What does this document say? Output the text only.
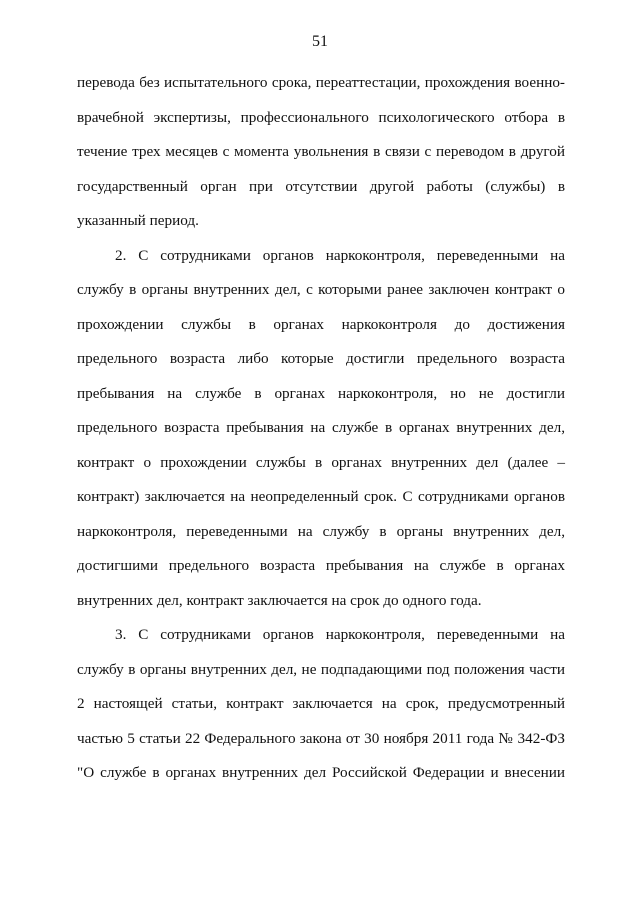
51

перевода без испытательного срока, переаттестации, прохождения военно-
врачебной экспертизы, профессионального психологического отбора в
течение трех месяцев с момента увольнения в связи с переводом в другой
государственный орган при отсутствии другой работы (службы) в
указанный период.

2. С сотрудниками органов наркоконтроля, переведенными на
службу в органы внутренних дел, с которыми ранее заключен контракт о
прохождении службы в органах наркоконтроля до достижения
предельного возраста либо которые достигли предельного возраста
пребывания на службе в органах наркоконтроля, но не достигли
предельного возраста пребывания на службе в органах внутренних дел,
контракт о прохождении службы в органах внутренних дел (далее –
контракт) заключается на неопределенный срок. С сотрудниками органов
наркоконтроля, переведенными на службу в органы внутренних дел,
достигшими предельного возраста пребывания на службе в органах
внутренних дел, контракт заключается на срок до одного года.

3. С сотрудниками органов наркоконтроля, переведенными на
службу в органы внутренних дел, не подпадающими под положения части
2 настоящей статьи, контракт заключается на срок, предусмотренный
частью 5 статьи 22 Федерального закона от 30 ноября 2011 года № 342-ФЗ
"О службе в органах внутренних дел Российской Федерации и внесении
